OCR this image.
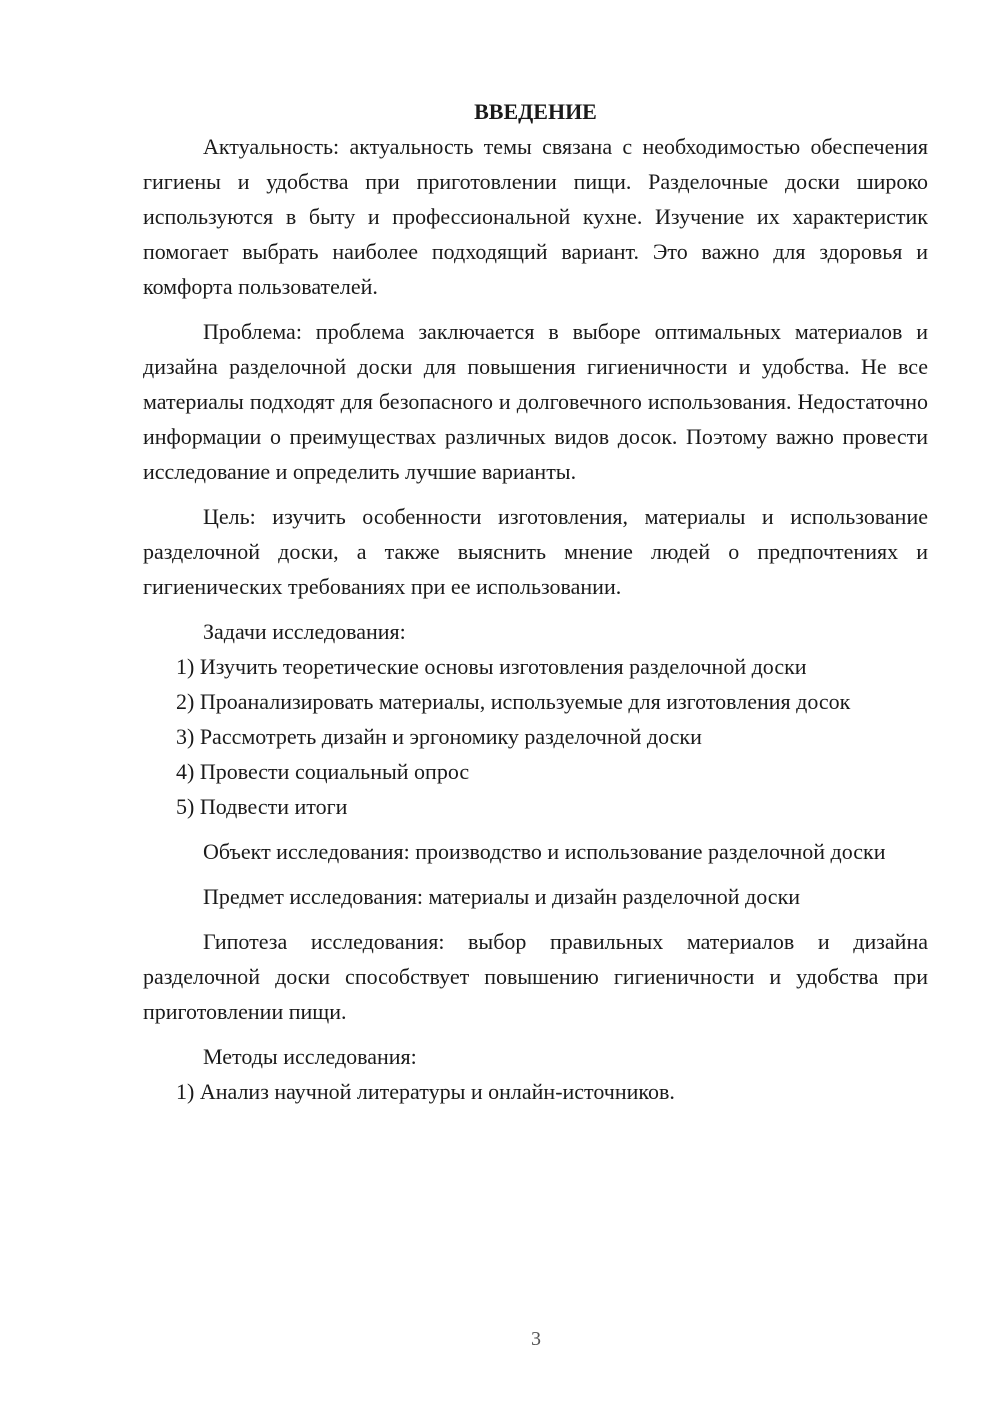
ВВЕДЕНИЕ

Актуальность: актуальность темы связана с необходимостью обеспечения гигиены и удобства при приготовлении пищи. Разделочные доски широко используются в быту и профессиональной кухне. Изучение их характеристик помогает выбрать наиболее подходящий вариант. Это важно для здоровья и комфорта пользователей.

Проблема: проблема заключается в выборе оптимальных материалов и дизайна разделочной доски для повышения гигиеничности и удобства. Не все материалы подходят для безопасного и долговечного использования. Недостаточно информации о преимуществах различных видов досок. Поэтому важно провести исследование и определить лучшие варианты.

Цель: изучить особенности изготовления, материалы и использование разделочной доски, а также выяснить мнение людей о предпочтениях и гигиенических требованиях при ее использовании.

Задачи исследования:

1) Изучить теоретические основы изготовления разделочной доски

2) Проанализировать материалы, используемые для изготовления досок

3) Рассмотреть дизайн и эргономику разделочной доски

4) Провести социальный опрос

5) Подвести итоги

Объект исследования: производство и использование разделочной доски

Предмет исследования: материалы и дизайн разделочной доски

Гипотеза исследования: выбор правильных материалов и дизайна разделочной доски способствует повышению гигиеничности и удобства при приготовлении пищи.

Методы исследования:

1) Анализ научной литературы и онлайн-источников.

3
